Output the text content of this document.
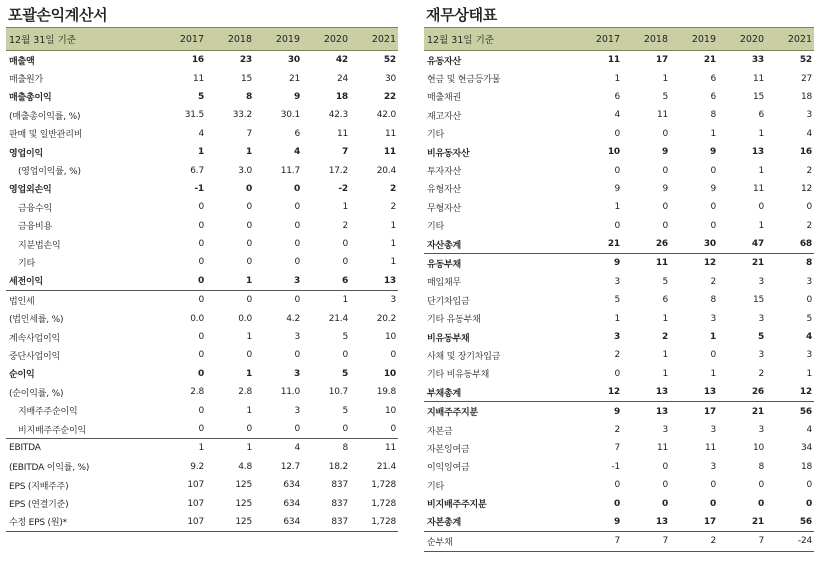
포괄손익계산서
12월 31일 기준	2017	2018	2019	2020	2021
매출액	16	23	30	42	52
매출원가	11	15	21	24	30
매출총이익	5	8	9	18	22
(매출총이익률, %)	31.5	33.2	30.1	42.3	42.0
판매 및 일반관리비	4	7	6	11	11
영업이익	1	1	4	7	11
(영업이익률, %)	6.7	3.0	11.7	17.2	20.4
영업외손익	-1	0	0	-2	2
금융수익	0	0	0	1	2
금융비용	0	0	0	2	1
지분법손익	0	0	0	0	1
기타	0	0	0	0	1
세전이익	0	1	3	6	13
법인세	0	0	0	1	3
(법인세률, %)	0.0	0.0	4.2	21.4	20.2
계속사업이익	0	1	3	5	10
중단사업이익	0	0	0	0	0
순이익	0	1	3	5	10
(순이익률, %)	2.8	2.8	11.0	10.7	19.8
지배주주순이익	0	1	3	5	10
비지배주주순이익	0	0	0	0	0
EBITDA	1	1	4	8	11
(EBITDA 이익률, %)	9.2	4.8	12.7	18.2	21.4
EPS (지배주주)	107	125	634	837	1,728
EPS (연결기준)	107	125	634	837	1,728
수정 EPS (원)*	107	125	634	837	1,728
재무상태표
12월 31일 기준	2017	2018	2019	2020	2021
유동자산	11	17	21	33	52
현금 및 현금등가물	1	1	6	11	27
매출채권	6	5	6	15	18
재고자산	4	11	8	6	3
기타	0	0	1	1	4
비유동자산	10	9	9	13	16
투자자산	0	0	0	1	2
유형자산	9	9	9	11	12
무형자산	1	0	0	0	0
기타	0	0	0	1	2
자산총계	21	26	30	47	68
유동부채	9	11	12	21	8
매입채무	3	5	2	3	3
단기차입금	5	6	8	15	0
기타 유동부채	1	1	3	3	5
비유동부채	3	2	1	5	4
사채 및 장기차입금	2	1	0	3	3
기타 비유동부채	0	1	1	2	1
부채총계	12	13	13	26	12
지배주주지분	9	13	17	21	56
자본금	2	3	3	3	4
자본잉여금	7	11	11	10	34
이익잉여금	-1	0	3	8	18
기타	0	0	0	0	0
비지배주주지분	0	0	0	0	0
자본총계	9	13	17	21	56
순부채	7	7	2	7	-24
